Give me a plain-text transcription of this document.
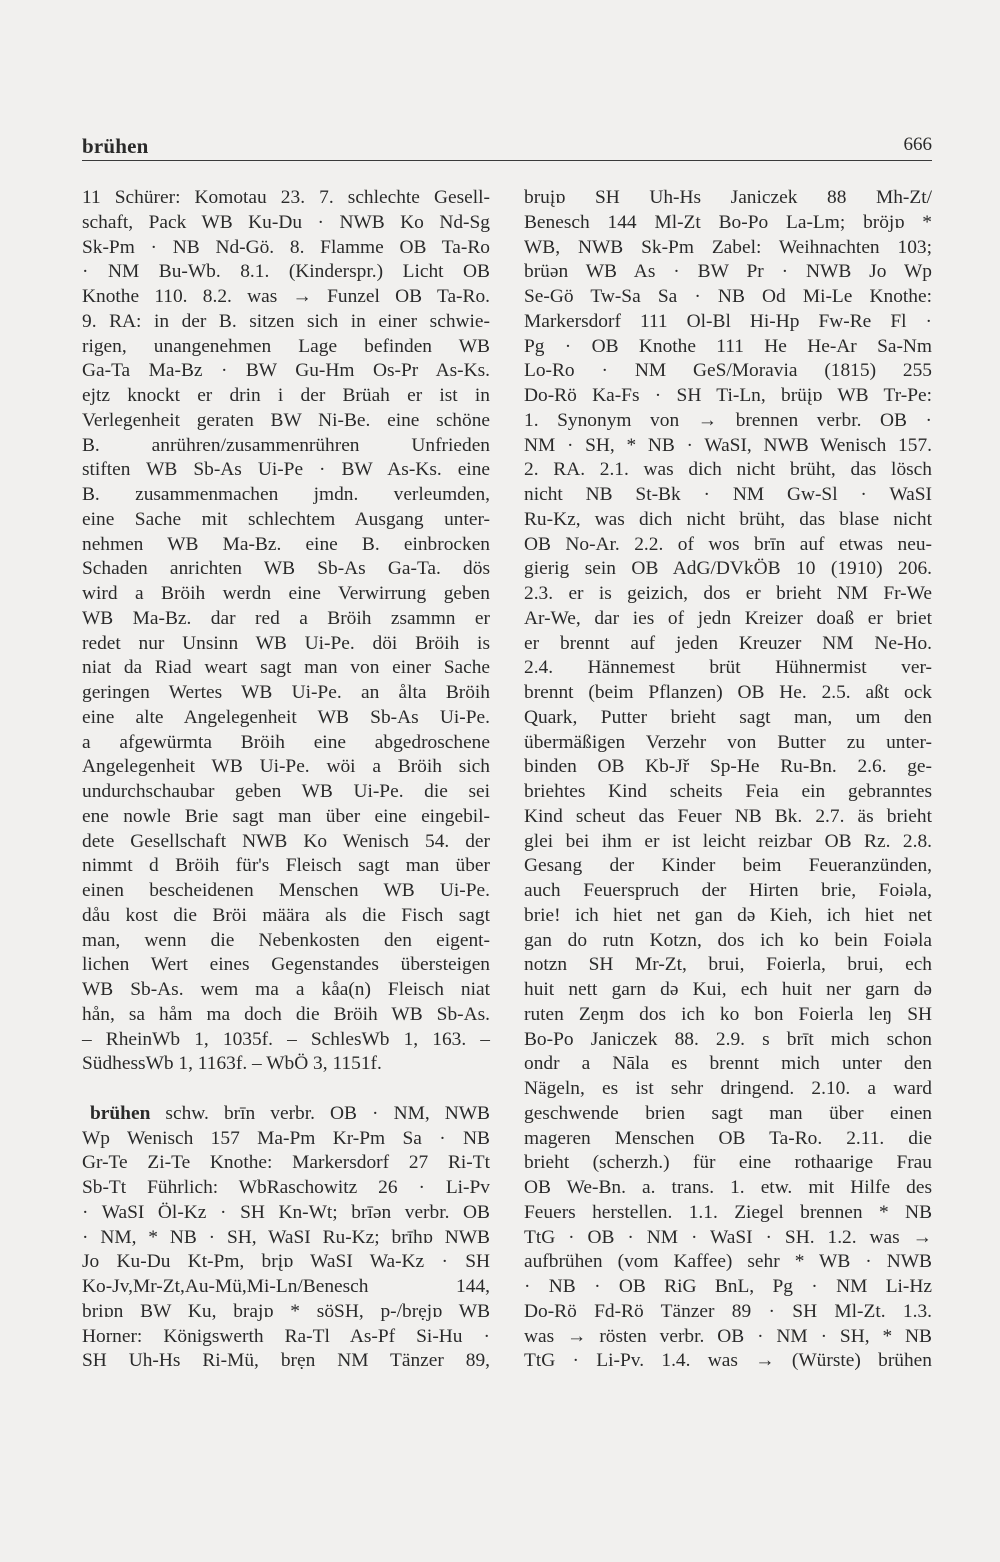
brühen	666
11 Schürer: Komotau 23. 7. schlechte Gesell-
schaft, Pack WB Ku-Du · NWB Ko Nd-Sg
Sk-Pm · NB Nd-Gö. 8. Flamme OB Ta-Ro
· NM Bu-Wb. 8.1. (Kinderspr.) Licht OB
Knothe 110. 8.2. was → Funzel OB Ta-Ro.
9. RA: in der B. sitzen sich in einer schwie-
rigen, unangenehmen Lage befinden WB
Ga-Ta Ma-Bz · BW Gu-Hm Os-Pr As-Ks.
ejtz knockt er drin i der Brüah er ist in
Verlegenheit geraten BW Ni-Be. eine schöne
B. anrühren/zusammenrühren Unfrieden
stiften WB Sb-As Ui-Pe · BW As-Ks. eine
B. zusammenmachen jmdn. verleumden,
eine Sache mit schlechtem Ausgang unter-
nehmen WB Ma-Bz. eine B. einbrocken
Schaden anrichten WB Sb-As Ga-Ta. dös
wird a Bröih werdn eine Verwirrung geben
WB Ma-Bz. dar red a Bröih zsammn er
redet nur Unsinn WB Ui-Pe. döi Bröih is
niat da Riad weart sagt man von einer Sache
geringen Wertes WB Ui-Pe. an ålta Bröih
eine alte Angelegenheit WB Sb-As Ui-Pe.
a afgewürmta Bröih eine abgedroschene
Angelegenheit WB Ui-Pe. wöi a Bröih sich
undurchschaubar geben WB Ui-Pe. die sei
ene nowle Brie sagt man über eine eingebil-
dete Gesellschaft NWB Ko Wenisch 54. der
nimmt d Bröih für's Fleisch sagt man über
einen bescheidenen Menschen WB Ui-Pe.
dåu kost die Bröi määra als die Fisch sagt
man, wenn die Nebenkosten den eigent-
lichen Wert eines Gegenstandes übersteigen
WB Sb-As. wem ma a kåa(n) Fleisch niat
hån, sa håm ma doch die Bröih WB Sb-As.
– RheinWb 1, 1035f. – SchlesWb 1, 163. –
SüdhessWb 1, 1163f. – WbÖ 3, 1151f.
brühen schw. brīn verbr. OB · NM, NWB
Wp Wenisch 157 Ma-Pm Kr-Pm Sa · NB
Gr-Te Zi-Te Knothe: Markersdorf 27 Ri-Tt
Sb-Tt Führlich: WbRaschowitz 26 · Li-Pv
· WaSI Öl-Kz · SH Kn-Wt; brīən verbr. OB
· NM, * NB · SH, WaSI Ru-Kz; brīhɒ NWB
Jo Ku-Du Kt-Pm, brįɒ WaSI Wa-Kz · SH
Ko-Jv,Mr-Zt,Au-Mü,Mi-Ln/Benesch 144,
briɒn BW Ku, brajɒ * söSH, p-/brẹjɒ WB
Horner: Königswerth Ra-Tl As-Pf Si-Hu ·
SH Uh-Hs Ri-Mü, brẹn NM Tänzer 89,
bruįɒ SH Uh-Hs Janiczek 88 Mh-Zt/
Benesch 144 Ml-Zt Bo-Po La-Lm; bröjɒ *
WB, NWB Sk-Pm Zabel: Weihnachten 103;
brüən WB As · BW Pr · NWB Jo Wp
Se-Gö Tw-Sa Sa · NB Od Mi-Le Knothe:
Markersdorf 111 Ol-Bl Hi-Hp Fw-Re Fl ·
Pg · OB Knothe 111 He He-Ar Sa-Nm
Lo-Ro · NM GeS/Moravia (1815) 255
Do-Rö Ka-Fs · SH Ti-Ln, brüįɒ WB Tr-Pe:
1. Synonym von → brennen verbr. OB ·
NM · SH, * NB · WaSI, NWB Wenisch 157.
2. RA. 2.1. was dich nicht brüht, das lösch
nicht NB St-Bk · NM Gw-Sl · WaSI
Ru-Kz, was dich nicht brüht, das blase nicht
OB No-Ar. 2.2. of wos brīn auf etwas neu-
gierig sein OB AdG/DVkÖB 10 (1910) 206.
2.3. er is geizich, dos er brieht NM Fr-We
Ar-We, dar ies of jedn Kreizer doaß er briet
er brennt auf jeden Kreuzer NM Ne-Ho.
2.4. Hännemest brüt Hühnermist ver-
brennt (beim Pflanzen) OB He. 2.5. aßt ock
Quark, Putter brieht sagt man, um den
übermäßigen Verzehr von Butter zu unter-
binden OB Kb-Jř Sp-He Ru-Bn. 2.6. ge-
briehtes Kind scheits Feia ein gebranntes
Kind scheut das Feuer NB Bk. 2.7. äs brieht
glei bei ihm er ist leicht reizbar OB Rz. 2.8.
Gesang der Kinder beim Feueranzünden,
auch Feuerspruch der Hirten brie, Foiəla,
brie! ich hiet net gan də Kieh, ich hiet net
gan do rutn Kotzn, dos ich ko bein Foiəla
notzn SH Mr-Zt, brui, Foierla, brui, ech
huit nett garn də Kui, ech huit ner garn də
ruten Zeŋm dos ich ko bon Foierla leŋ SH
Bo-Po Janiczek 88. 2.9. s brīt mich schon
ondr a Nāla es brennt mich unter den
Nägeln, es ist sehr dringend. 2.10. a ward
geschwende brien sagt man über einen
mageren Menschen OB Ta-Ro. 2.11. die
brieht (scherzh.) für eine rothaarige Frau
OB We-Bn. a. trans. 1. etw. mit Hilfe des
Feuers herstellen. 1.1. Ziegel brennen * NB
TtG · OB · NM · WaSI · SH. 1.2. was →
aufbrühen (vom Kaffee) sehr * WB · NWB
· NB · OB RiG BnL, Pg · NM Li-Hz
Do-Rö Fd-Rö Tänzer 89 · SH Ml-Zt. 1.3.
was → rösten verbr. OB · NM · SH, * NB
TtG · Li-Pv. 1.4. was → (Würste) brühen
